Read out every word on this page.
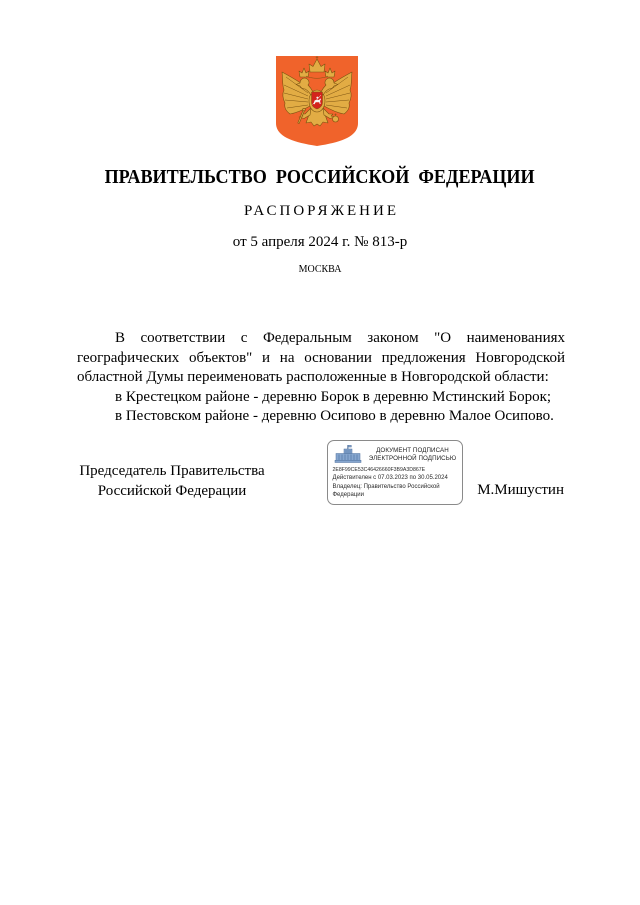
ПРАВИТЕЛЬСТВО РОССИЙСКОЙ ФЕДЕРАЦИИ
РАСПОРЯЖЕНИЕ
от 5 апреля 2024 г. № 813-р
МОСКВА

В соответствии с Федеральным законом "О наименованиях географических объектов" и на основании предложения Новгородской областной Думы переименовать расположенные в Новгородской области:

в Крестецком районе - деревню Борок в деревню Мстинский Борок;

в Пестовском районе - деревню Осипово в деревню Малое Осипово.

Председатель Правительства
Российской Федерации
ДОКУМЕНТ ПОДПИСАН
ЭЛЕКТРОННОЙ ПОДПИСЬЮ
2E8F99CE53C46426660F3B9A3D867E
Действителен с 07.03.2023 по 30.05.2024
Владелец: Правительство Российской Федерации	М.Мишустин
